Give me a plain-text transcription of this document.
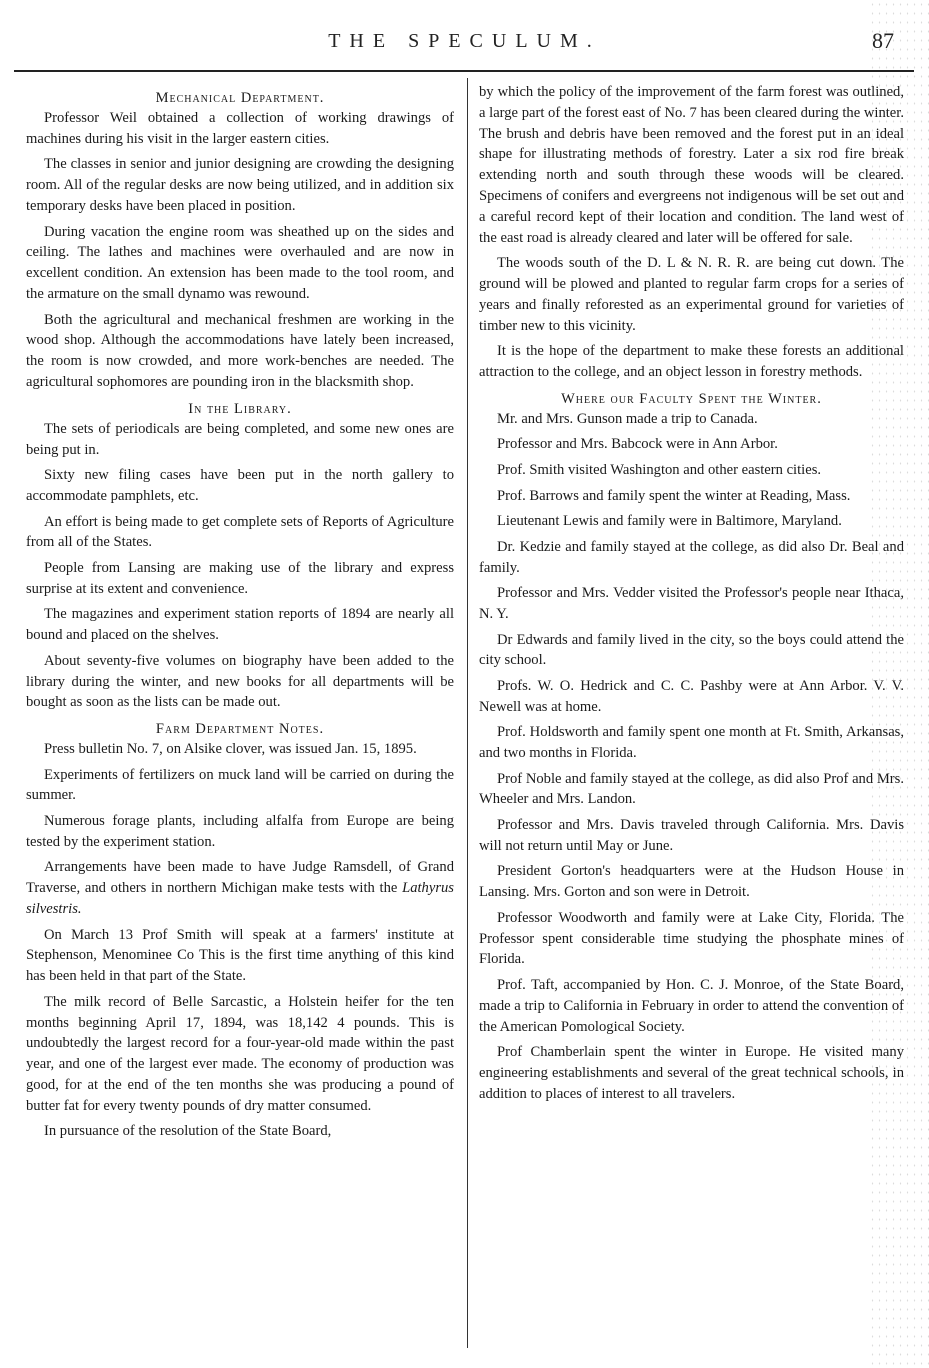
THE SPECULUM.	87
Mechanical Department.

Professor Weil obtained a collection of working drawings of machines during his visit in the larger eastern cities.

The classes in senior and junior designing are crowding the designing room. All of the regular desks are now being utilized, and in addition six temporary desks have been placed in position.

During vacation the engine room was sheathed up on the sides and ceiling. The lathes and machines were overhauled and are now in excellent condition. An extension has been made to the tool room, and the armature on the small dynamo was rewound.

Both the agricultural and mechanical freshmen are working in the wood shop. Although the accommodations have lately been increased, the room is now crowded, and more work-benches are needed. The agricultural sophomores are pounding iron in the blacksmith shop.

In the Library.

The sets of periodicals are being completed, and some new ones are being put in.

Sixty new filing cases have been put in the north gallery to accommodate pamphlets, etc.

An effort is being made to get complete sets of Reports of Agriculture from all of the States.

People from Lansing are making use of the library and express surprise at its extent and convenience.

The magazines and experiment station reports of 1894 are nearly all bound and placed on the shelves.

About seventy-five volumes on biography have been added to the library during the winter, and new books for all departments will be bought as soon as the lists can be made out.

Farm Department Notes.

Press bulletin No. 7, on Alsike clover, was issued Jan. 15, 1895.

Experiments of fertilizers on muck land will be carried on during the summer.

Numerous forage plants, including alfalfa from Europe are being tested by the experiment station.

Arrangements have been made to have Judge Ramsdell, of Grand Traverse, and others in northern Michigan make tests with the Lathyrus silvestris.

On March 13 Prof Smith will speak at a farmers' institute at Stephenson, Menominee Co This is the first time anything of this kind has been held in that part of the State.

The milk record of Belle Sarcastic, a Holstein heifer for the ten months beginning April 17, 1894, was 18,142 4 pounds. This is undoubtedly the largest record for a four-year-old made within the past year, and one of the largest ever made. The economy of production was good, for at the end of the ten months she was producing a pound of butter fat for every twenty pounds of dry matter consumed.

In pursuance of the resolution of the State Board,

by which the policy of the improvement of the farm forest was outlined, a large part of the forest east of No. 7 has been cleared during the winter. The brush and debris have been removed and the forest put in an ideal shape for illustrating methods of forestry. Later a six rod fire break extending north and south through these woods will be cleared. Specimens of conifers and evergreens not indigenous will be set out and a careful record kept of their location and condition. The land west of the east road is already cleared and later will be offered for sale.

The woods south of the D. L & N. R. R. are being cut down. The ground will be plowed and planted to regular farm crops for a series of years and finally reforested as an experimental ground for varieties of timber new to this vicinity.

It is the hope of the department to make these forests an additional attraction to the college, and an object lesson in forestry methods.

Where our Faculty Spent the Winter.

Mr. and Mrs. Gunson made a trip to Canada.

Professor and Mrs. Babcock were in Ann Arbor.

Prof. Smith visited Washington and other eastern cities.

Prof. Barrows and family spent the winter at Reading, Mass.

Lieutenant Lewis and family were in Baltimore, Maryland.

Dr. Kedzie and family stayed at the college, as did also Dr. Beal and family.

Professor and Mrs. Vedder visited the Professor's people near Ithaca, N. Y.

Dr Edwards and family lived in the city, so the boys could attend the city school.

Profs. W. O. Hedrick and C. C. Pashby were at Ann Arbor. V. V. Newell was at home.

Prof. Holdsworth and family spent one month at Ft. Smith, Arkansas, and two months in Florida.

Prof Noble and family stayed at the college, as did also Prof and Mrs. Wheeler and Mrs. Landon.

Professor and Mrs. Davis traveled through California. Mrs. Davis will not return until May or June.

President Gorton's headquarters were at the Hudson House in Lansing. Mrs. Gorton and son were in Detroit.

Professor Woodworth and family were at Lake City, Florida. The Professor spent considerable time studying the phosphate mines of Florida.

Prof. Taft, accompanied by Hon. C. J. Monroe, of the State Board, made a trip to California in February in order to attend the convention of the American Pomological Society.

Prof Chamberlain spent the winter in Europe. He visited many engineering establishments and several of the great technical schools, in addition to places of interest to all travelers.
